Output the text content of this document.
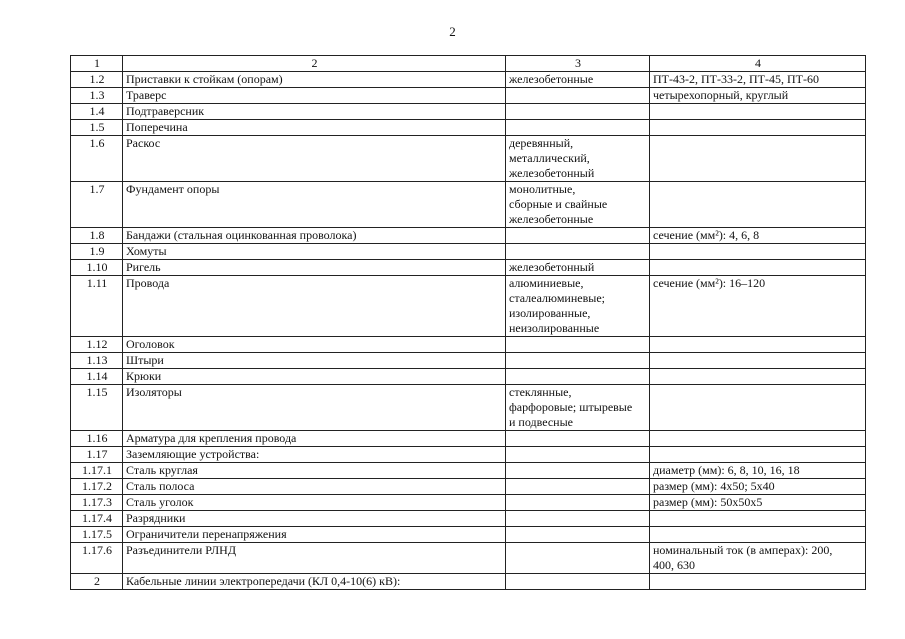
2
1	2	3	4
1.2	Приставки к стойкам (опорам)	железобетонные	ПТ-43-2, ПТ-33-2, ПТ-45, ПТ-60
1.3	Траверс		четырехопорный, круглый
1.4	Подтраверсник		
1.5	Поперечина		
1.6	Раскос	деревянный,
металлический,
железобетонный	
1.7	Фундамент опоры	монолитные,
сборные и свайные
железобетонные	
1.8	Бандажи (стальная оцинкованная проволока)		сечение (мм²): 4, 6, 8
1.9	Хомуты		
1.10	Ригель	железобетонный	
1.11	Провода	алюминиевые,
сталеалюминевые;
изолированные,
неизолированные	сечение (мм²): 16–120
1.12	Оголовок		
1.13	Штыри		
1.14	Крюки		
1.15	Изоляторы	стеклянные,
фарфоровые; штыревые
и подвесные	
1.16	Арматура для крепления провода		
1.17	Заземляющие устройства:		
1.17.1	Сталь круглая		диаметр (мм): 6, 8, 10, 16, 18
1.17.2	Сталь полоса		размер (мм): 4x50; 5x40
1.17.3	Сталь уголок		размер (мм): 50x50x5
1.17.4	Разрядники		
1.17.5	Ограничители перенапряжения		
1.17.6	Разъединители РЛНД		номинальный ток (в амперах): 200,
400, 630
2	Кабельные линии электропередачи (КЛ 0,4-10(6) кВ):		
